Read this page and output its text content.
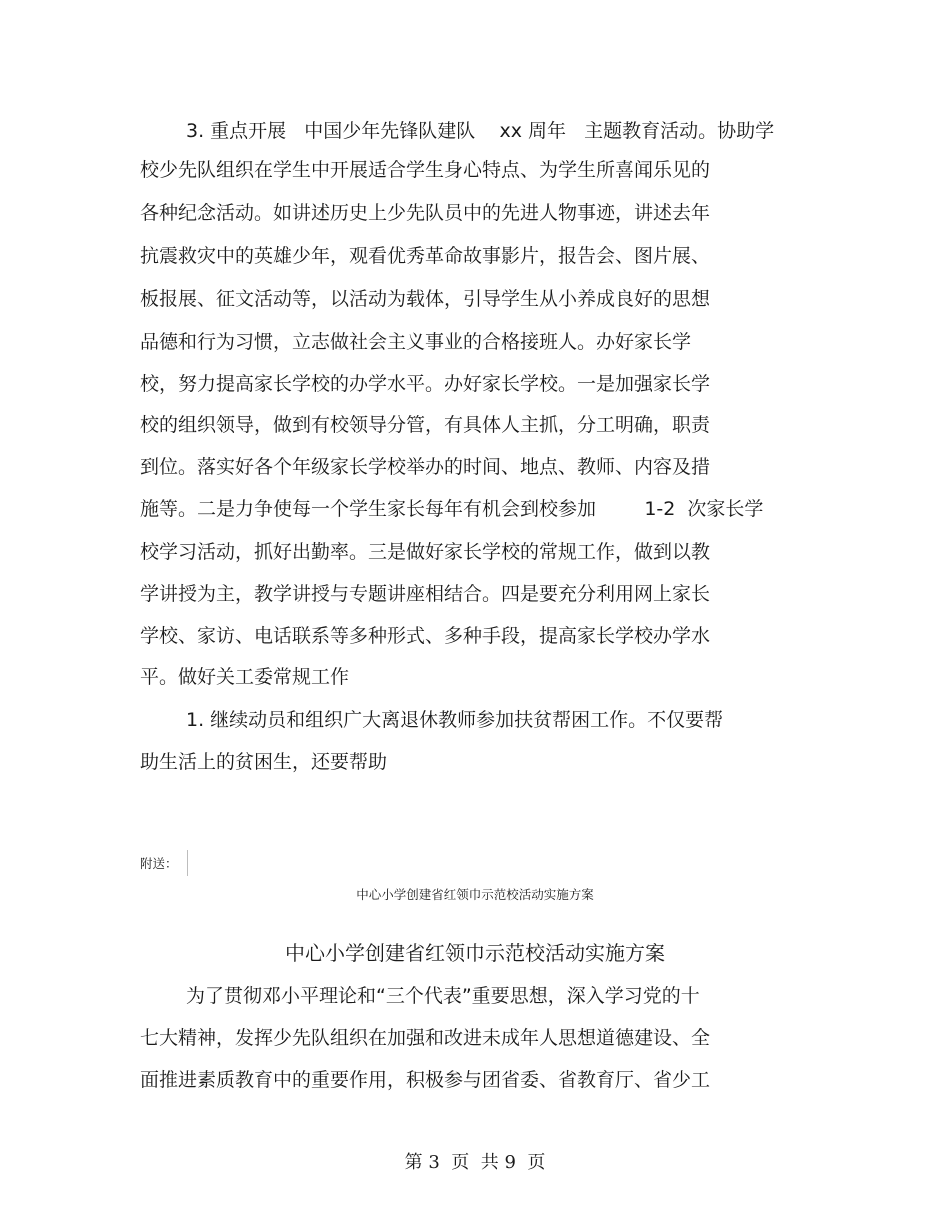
3. 重点开展   中国少年先锋队建队    xx 周年   主题教育活动。协助学
校少先队组织在学生中开展适合学生身心特点、为学生所喜闻乐见的
各种纪念活动。如讲述历史上少先队员中的先进人物事迹，讲述去年
抗震救灾中的英雄少年，观看优秀革命故事影片，报告会、图片展、
板报展、征文活动等，以活动为载体，引导学生从小养成良好的思想
品德和行为习惯，立志做社会主义事业的合格接班人。办好家长学
校，努力提高家长学校的办学水平。办好家长学校。一是加强家长学
校的组织领导，做到有校领导分管，有具体人主抓，分工明确，职责
到位。落实好各个年级家长学校举办的时间、地点、教师、内容及措
施等。二是力争使每一个学生家长每年有机会到校参加        1-2  次家长学
校学习活动，抓好出勤率。三是做好家长学校的常规工作，做到以教
学讲授为主，教学讲授与专题讲座相结合。四是要充分利用网上家长
学校、家访、电话联系等多种形式、多种手段，提高家长学校办学水
平。做好关工委常规工作
1. 继续动员和组织广大离退休教师参加扶贫帮困工作。不仅要帮
助生活上的贫困生，还要帮助
附送：
中心小学创建省红领巾示范校活动实施方案
中心小学创建省红领巾示范校活动实施方案
为了贯彻邓小平理论和“三个代表”重要思想，深入学习党的十
七大精神，发挥少先队组织在加强和改进未成年人思想道德建设、全
面推进素质教育中的重要作用，积极参与团省委、省教育厅、省少工
第 3  页  共 9  页
